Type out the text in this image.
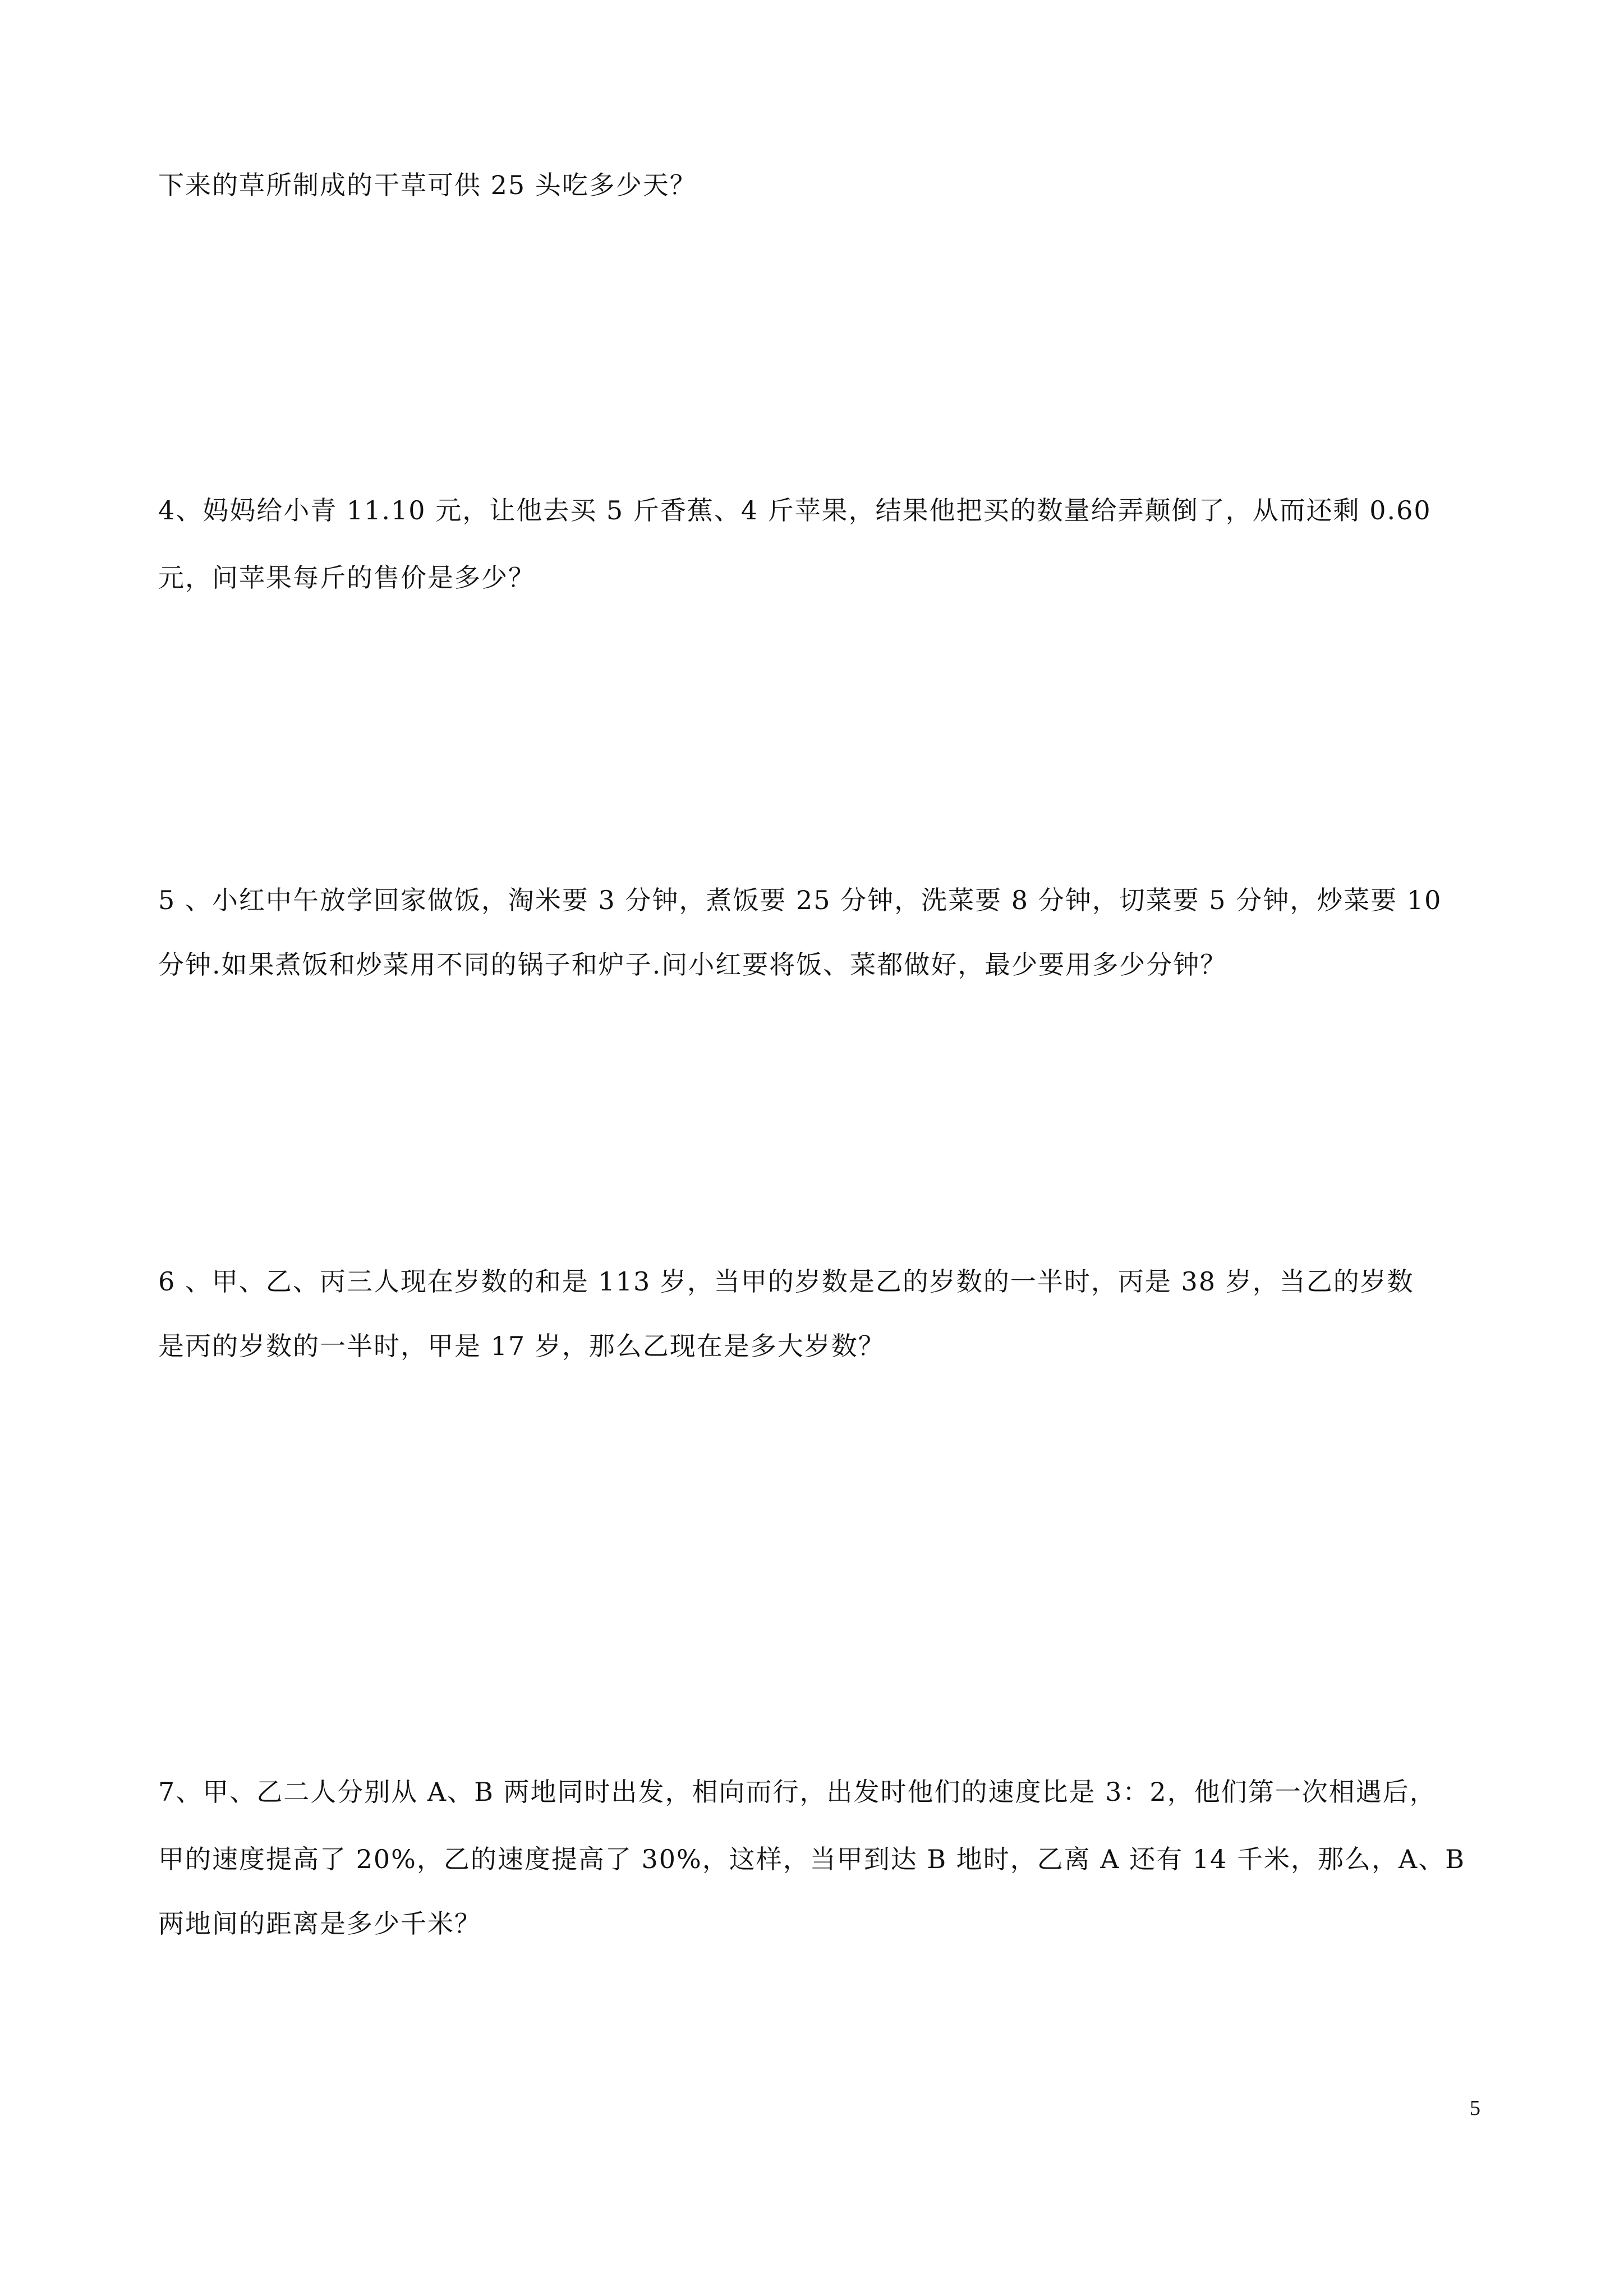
下来的草所制成的干草可供 25 头吃多少天？
4、妈妈给小青 11.10 元，让他去买 5 斤香蕉、4 斤苹果，结果他把买的数量给弄颠倒了，从而还剩 0.60
元，问苹果每斤的售价是多少？
5 、小红中午放学回家做饭，淘米要 3 分钟，煮饭要 25 分钟，洗菜要 8 分钟，切菜要 5 分钟，炒菜要 10
分钟.如果煮饭和炒菜用不同的锅子和炉子.问小红要将饭、菜都做好，最少要用多少分钟？
6 、甲、乙、丙三人现在岁数的和是 113 岁，当甲的岁数是乙的岁数的一半时，丙是 38 岁，当乙的岁数
是丙的岁数的一半时，甲是 17 岁，那么乙现在是多大岁数？
7、甲、乙二人分别从 A、B 两地同时出发，相向而行，出发时他们的速度比是 3：2，他们第一次相遇后，
甲的速度提高了 20%，乙的速度提高了 30%，这样，当甲到达 B 地时，乙离 A 还有 14 千米，那么，A、B
两地间的距离是多少千米？
5
